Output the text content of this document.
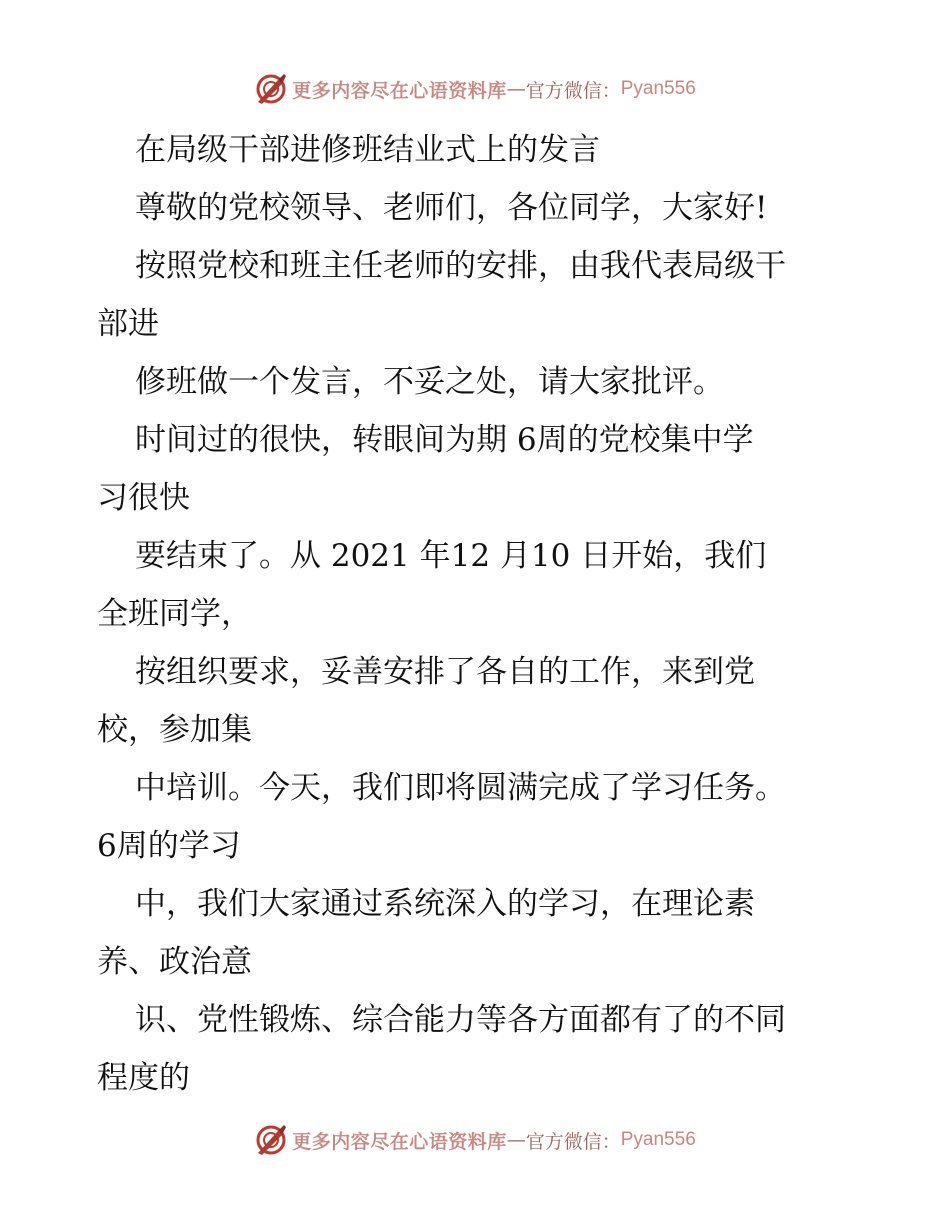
更多内容尽在心语资料库 — 官方微信： Pyan556
在局级干部进修班结业式上的发言
尊敬的党校领导、老师们，各位同学，大家好!
按照党校和班主任老师的安排，由我代表局级干
部进
修班做一个发言，不妥之处，请大家批评。
时间过的很快，转眼间为期 6周的党校集中学
习很快
要结束了。从 2021 年12 月10 日开始，我们
全班同学，
按组织要求，妥善安排了各自的工作，来到党
校，参加集
中培训。今天，我们即将圆满完成了学习任务。
6周的学习
中，我们大家通过系统深入的学习，在理论素
养、政治意
识、党性锻炼、综合能力等各方面都有了的不同
程度的
更多内容尽在心语资料库 — 官方微信： Pyan556
